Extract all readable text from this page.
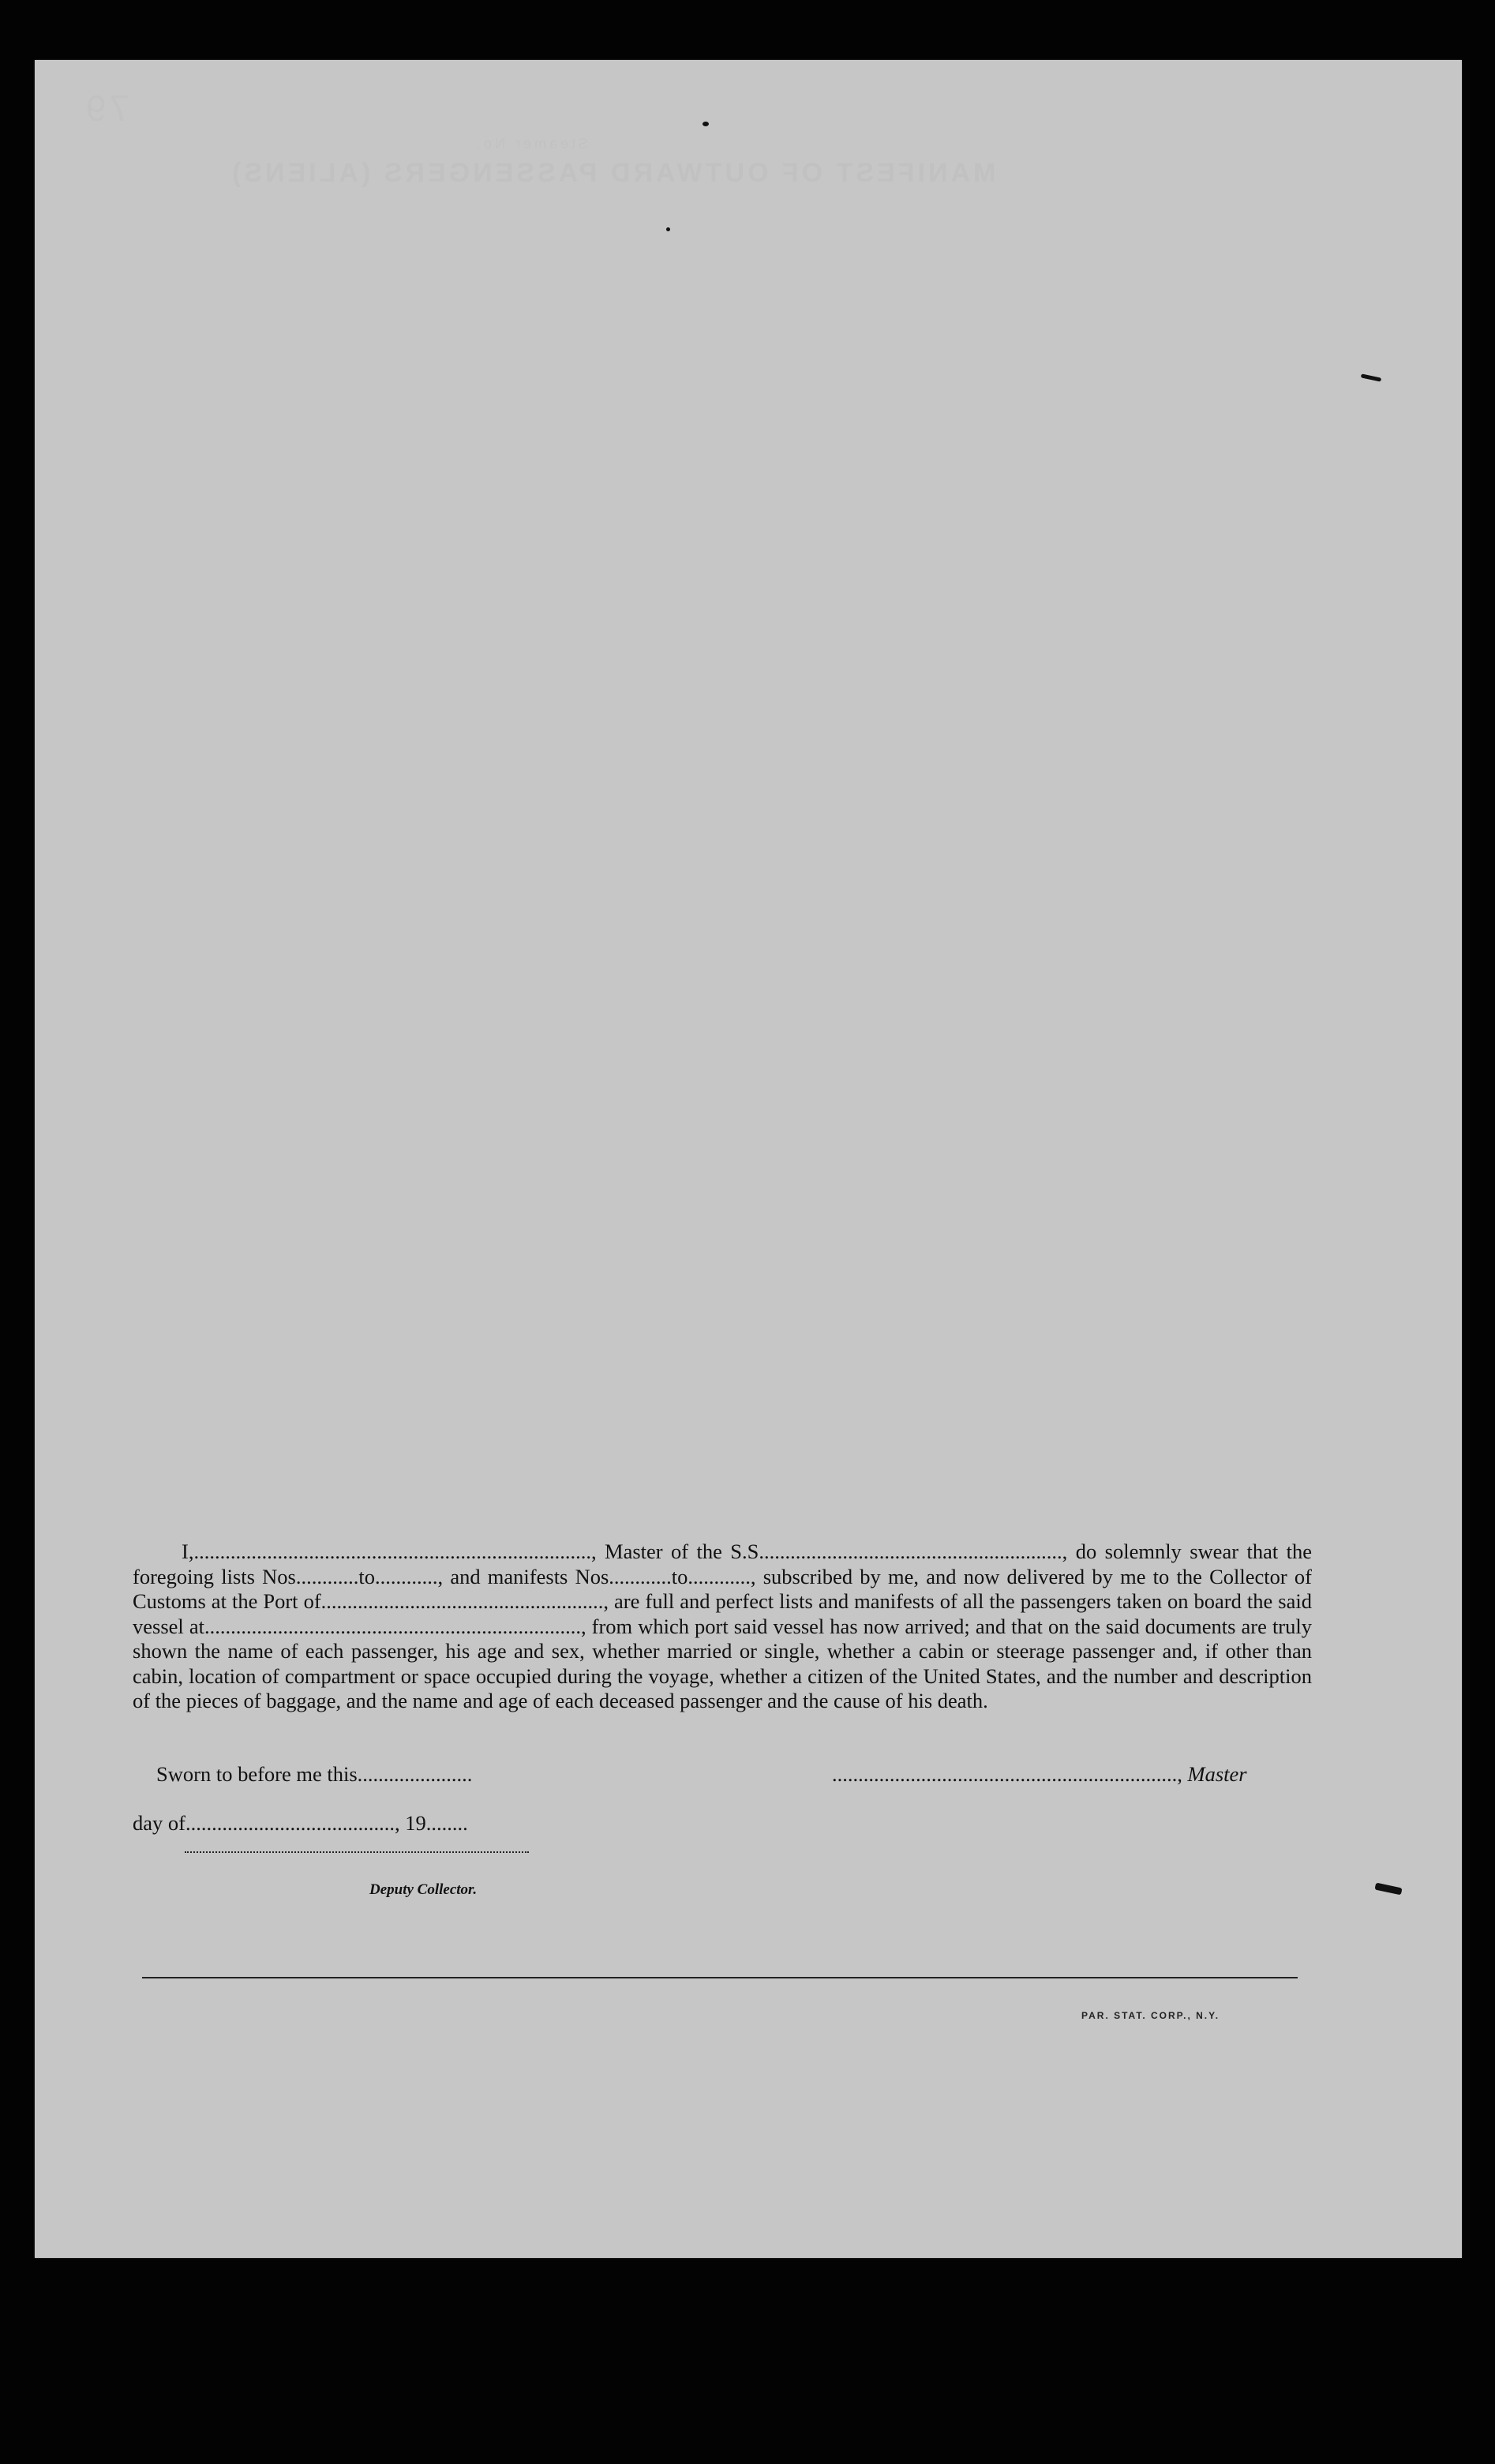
79
Steamer No.
MANIFEST OF OUTWARD PASSENGERS (ALIENS)

I,............................................................................, Master of the S.S.........................................................., do solemnly swear that the foregoing lists Nos............to............, and manifests Nos............to............, subscribed by me, and now delivered by me to the Collector of Customs at the Port of......................................................, are full and perfect lists and manifests of all the passengers taken on board the said vessel at........................................................................, from which port said vessel has now arrived; and that on the said documents are truly shown the name of each passenger, his age and sex, whether married or single, whether a cabin or steerage passenger and, if other than cabin, location of compartment or space occupied during the voyage, whether a citizen of the United States, and the number and description of the pieces of baggage, and the name and age of each deceased passenger and the cause of his death.

Sworn to before me this......................	.................................................................., Master
day of........................................, 19........
Deputy Collector.
PAR. STAT. CORP., N.Y.
